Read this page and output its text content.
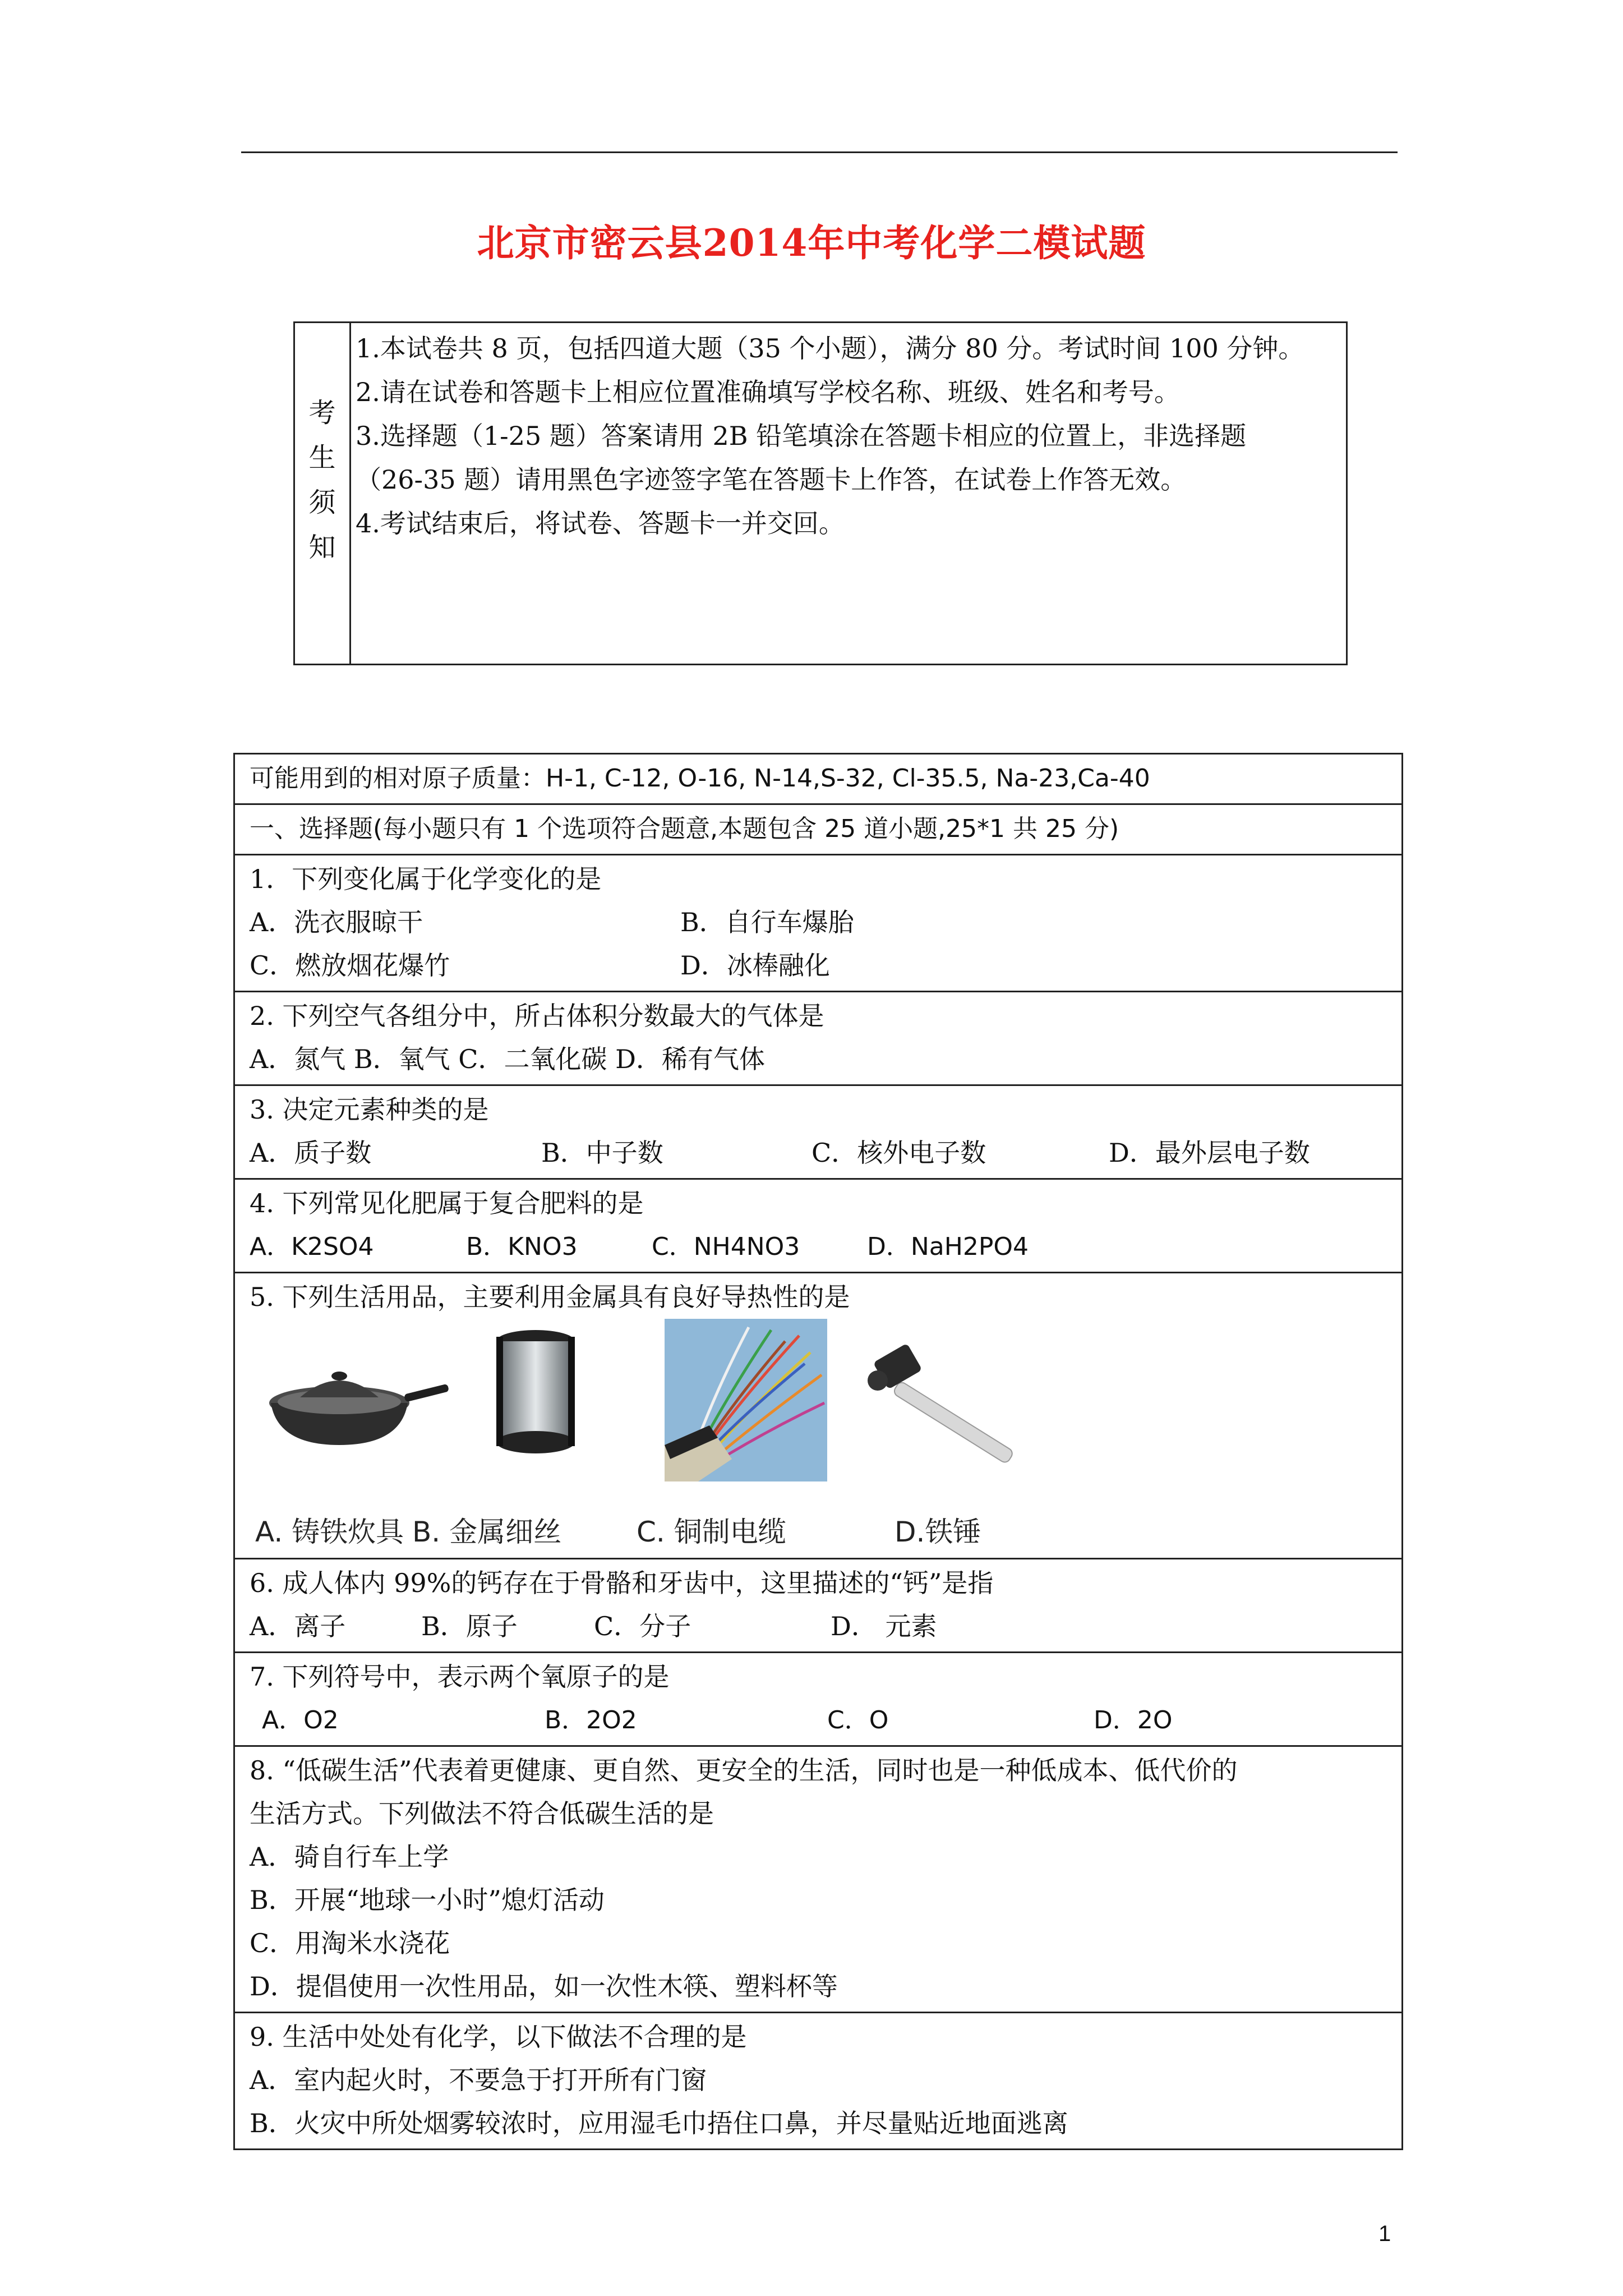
北京市密云县2014年中考化学二模试题
考
生
须
知
1.本试卷共 8 页，包括四道大题（35 个小题），满分 80 分。考试时间 100 分钟。
2.请在试卷和答题卡上相应位置准确填写学校名称、班级、姓名和考号。
3.选择题（1-25 题）答案请用 2B 铅笔填涂在答题卡相应的位置上，非选择题
（26-35 题）请用黑色字迹签字笔在答题卡上作答，在试卷上作答无效。
4.考试结束后，将试卷、答题卡一并交回。
可能用到的相对原子质量：H-1, C-12, O-16, N-14,S-32, Cl-35.5, Na-23,Ca-40
一、选择题(每小题只有 1 个选项符合题意,本题包含 25 道小题,25*1 共 25 分)
1．下列变化属于化学变化的是
A．洗衣服晾干	B．自行车爆胎
C．燃放烟花爆竹	D．冰棒融化
2. 下列空气各组分中，所占体积分数最大的气体是
A．氮气 B．氧气 C．二氧化碳 D．稀有气体
3. 决定元素种类的是
A．质子数	B．中子数	C．核外电子数	D．最外层电子数
4. 下列常见化肥属于复合肥料的是
A．K2SO4	B．KNO3	C．NH4NO3	D．NaH2PO4
5. 下列生活用品，主要利用金属具有良好导热性的是
A. 铸铁炊具 B. 金属细丝	C. 铜制电缆	D.铁锤
6. 成人体内 99%的钙存在于骨骼和牙齿中，这里描述的“钙”是指
A．离子	B．原子	C．分子	D． 元素
7. 下列符号中，表示两个氧原子的是
A．O2	B．2O2	C．O	D．2O
8. “低碳生活”代表着更健康、更自然、更安全的生活，同时也是一种低成本、低代价的
生活方式。下列做法不符合低碳生活的是
A．骑自行车上学
B．开展“地球一小时”熄灯活动
C．用淘米水浇花
D．提倡使用一次性用品，如一次性木筷、塑料杯等
9. 生活中处处有化学，以下做法不合理的是
A．室内起火时，不要急于打开所有门窗
B．火灾中所处烟雾较浓时，应用湿毛巾捂住口鼻，并尽量贴近地面逃离
1
